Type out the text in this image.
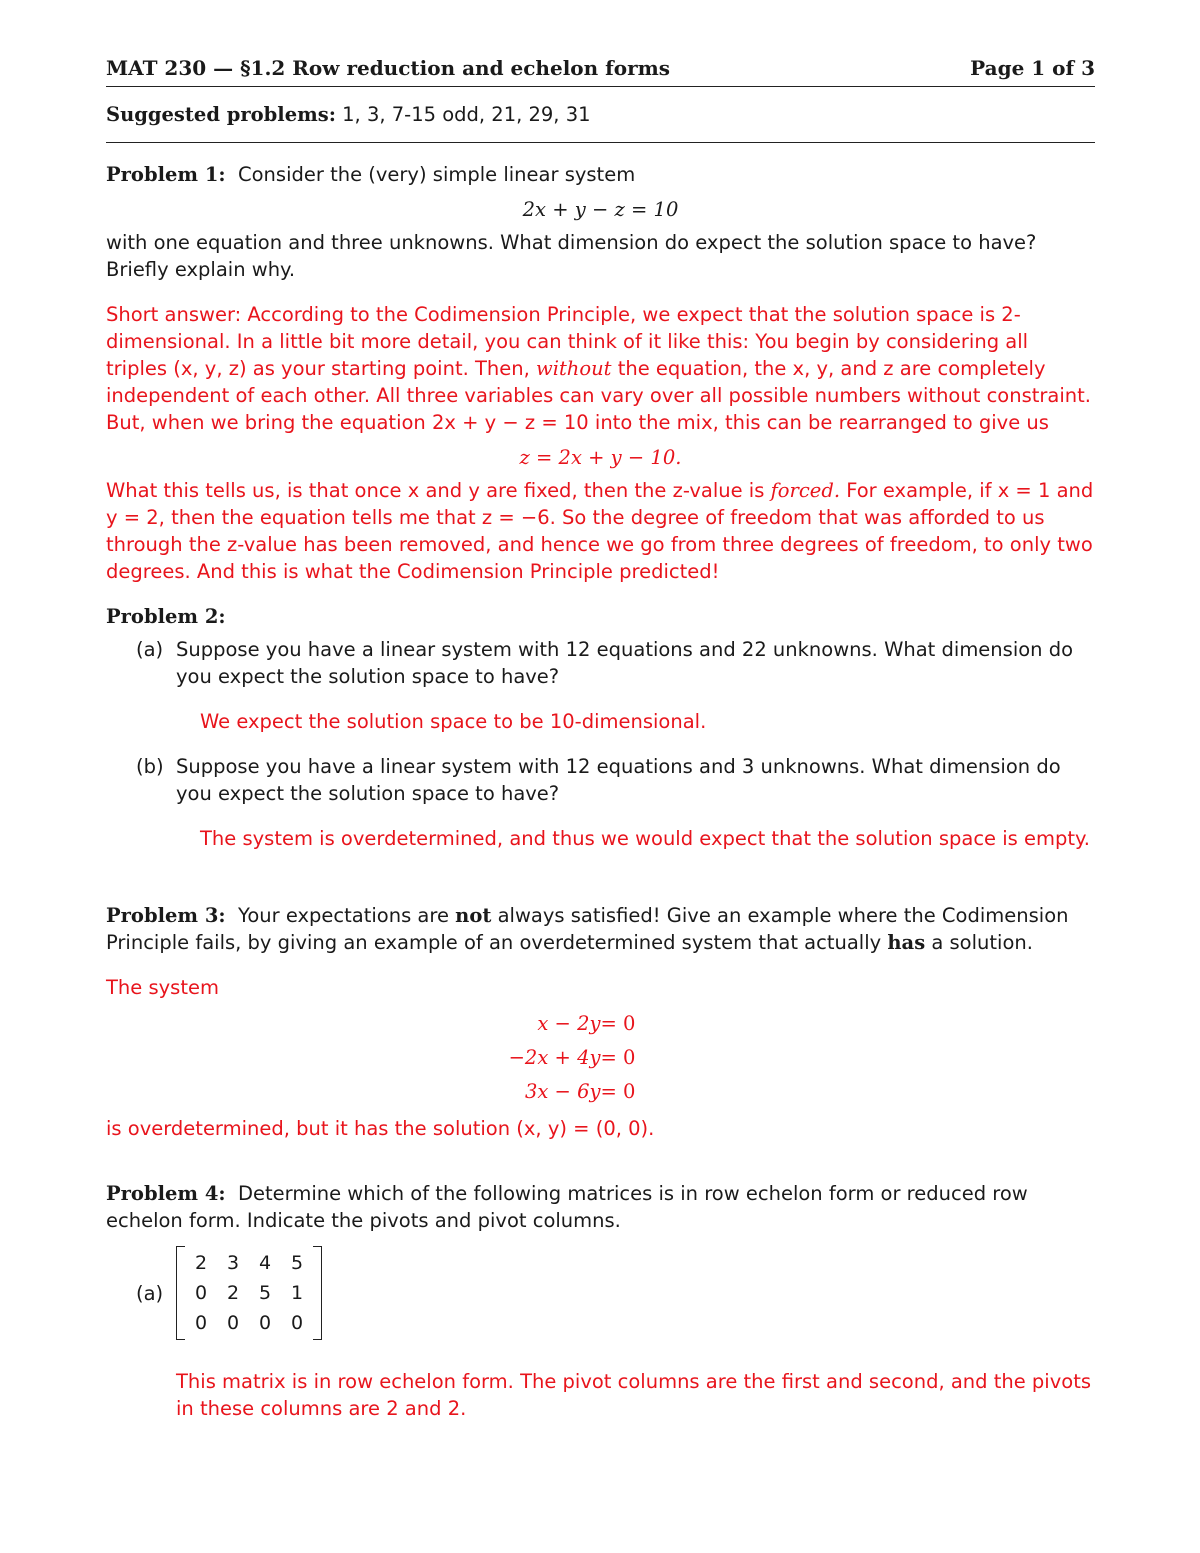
MAT 230 — §1.2 Row reduction and echelon forms	Page 1 of 3

Suggested problems: 1, 3, 7-15 odd, 21, 29, 31

Problem 1: Consider the (very) simple linear system

2x + y − z = 10

with one equation and three unknowns. What dimension do expect the solution space to have? Briefly explain why.

Short answer: According to the Codimension Principle, we expect that the solution space is 2-dimensional. In a little bit more detail, you can think of it like this: You begin by considering all triples (x, y, z) as your starting point. Then, without the equation, the x, y, and z are completely independent of each other. All three variables can vary over all possible numbers without constraint. But, when we bring the equation 2x + y − z = 10 into the mix, this can be rearranged to give us

z = 2x + y − 10.

What this tells us, is that once x and y are fixed, then the z-value is forced. For example, if x = 1 and y = 2, then the equation tells me that z = −6. So the degree of freedom that was afforded to us through the z-value has been removed, and hence we go from three degrees of freedom, to only two degrees. And this is what the Codimension Principle predicted!

Problem 2:

(a) Suppose you have a linear system with 12 equations and 22 unknowns. What dimension do you expect the solution space to have?

We expect the solution space to be 10-dimensional.

(b) Suppose you have a linear system with 12 equations and 3 unknowns. What dimension do you expect the solution space to have?

The system is overdetermined, and thus we would expect that the solution space is empty.

Problem 3: Your expectations are not always satisfied! Give an example where the Codimension Principle fails, by giving an example of an overdetermined system that actually has a solution.

The system

x − 2y = 0
−2x + 4y = 0
3x − 6y = 0

is overdetermined, but it has the solution (x, y) = (0, 0).

Problem 4: Determine which of the following matrices is in row echelon form or reduced row echelon form. Indicate the pivots and pivot columns.

(a)
2	3	4	5
0	2	5	1
0	0	0	0

This matrix is in row echelon form. The pivot columns are the first and second, and the pivots in these columns are 2 and 2.
